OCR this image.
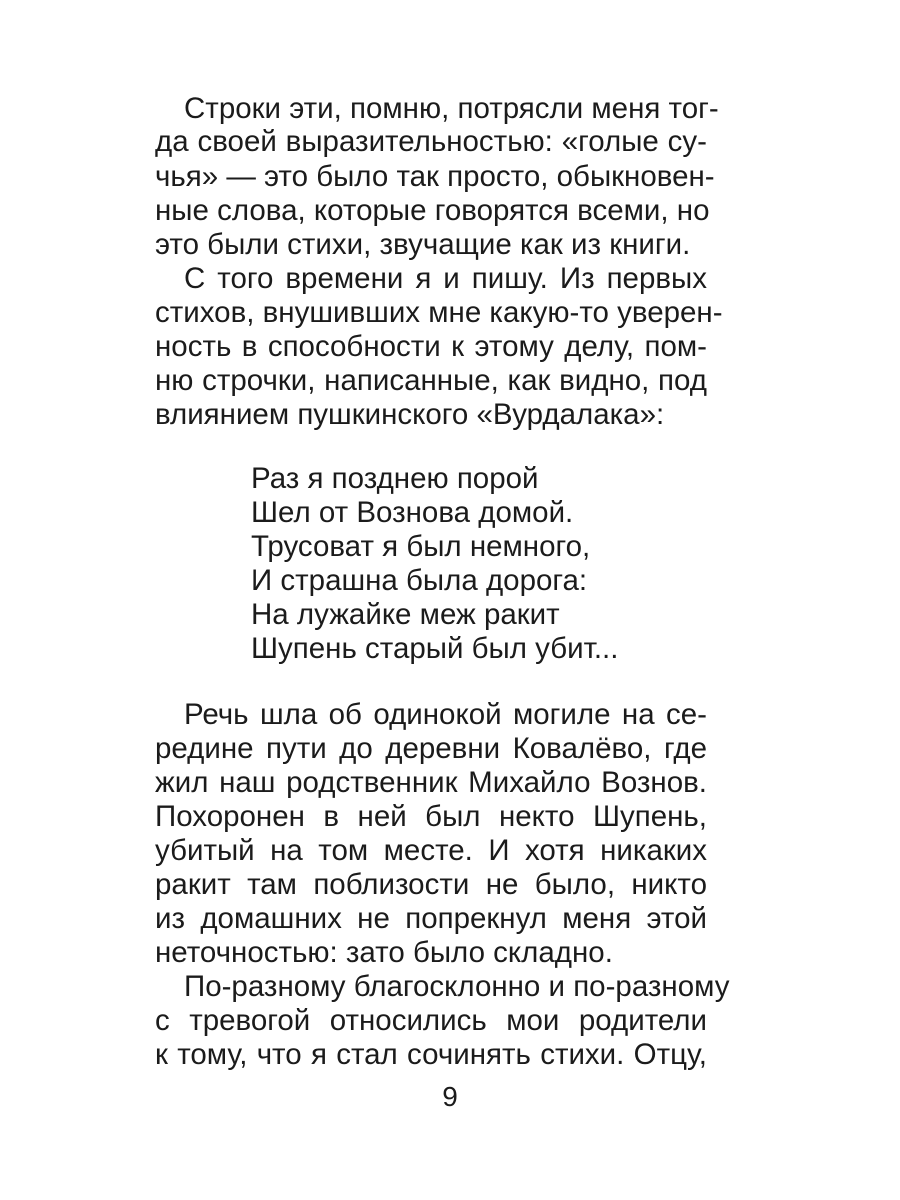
Строки эти, помню, потрясли меня тог-
да своей выразительностью: «голые су-
чья» — это было так просто, обыкновен-
ные слова, которые говорятся всеми, но
это были стихи, звучащие как из книги.
С того времени я и пишу. Из первых
стихов, внушивших мне какую-то уверен-
ность в способности к этому делу, пом-
ню строчки, написанные, как видно, под
влиянием пушкинского «Вурдалака»:
Раз я позднею порой
Шел от Вознова домой.
Трусоват я был немного,
И страшна была дорога:
На лужайке меж ракит
Шупень старый был убит...
Речь шла об одинокой могиле на се-
редине пути до деревни Ковалёво, где
жил наш родственник Михайло Вознов.
Похоронен в ней был некто Шупень,
убитый на том месте. И хотя никаких
ракит там поблизости не было, никто
из домашних не попрекнул меня этой
неточностью: зато было складно.
По-разному благосклонно и по-разному
с тревогой относились мои родители
к тому, что я стал сочинять стихи. Отцу,
9
